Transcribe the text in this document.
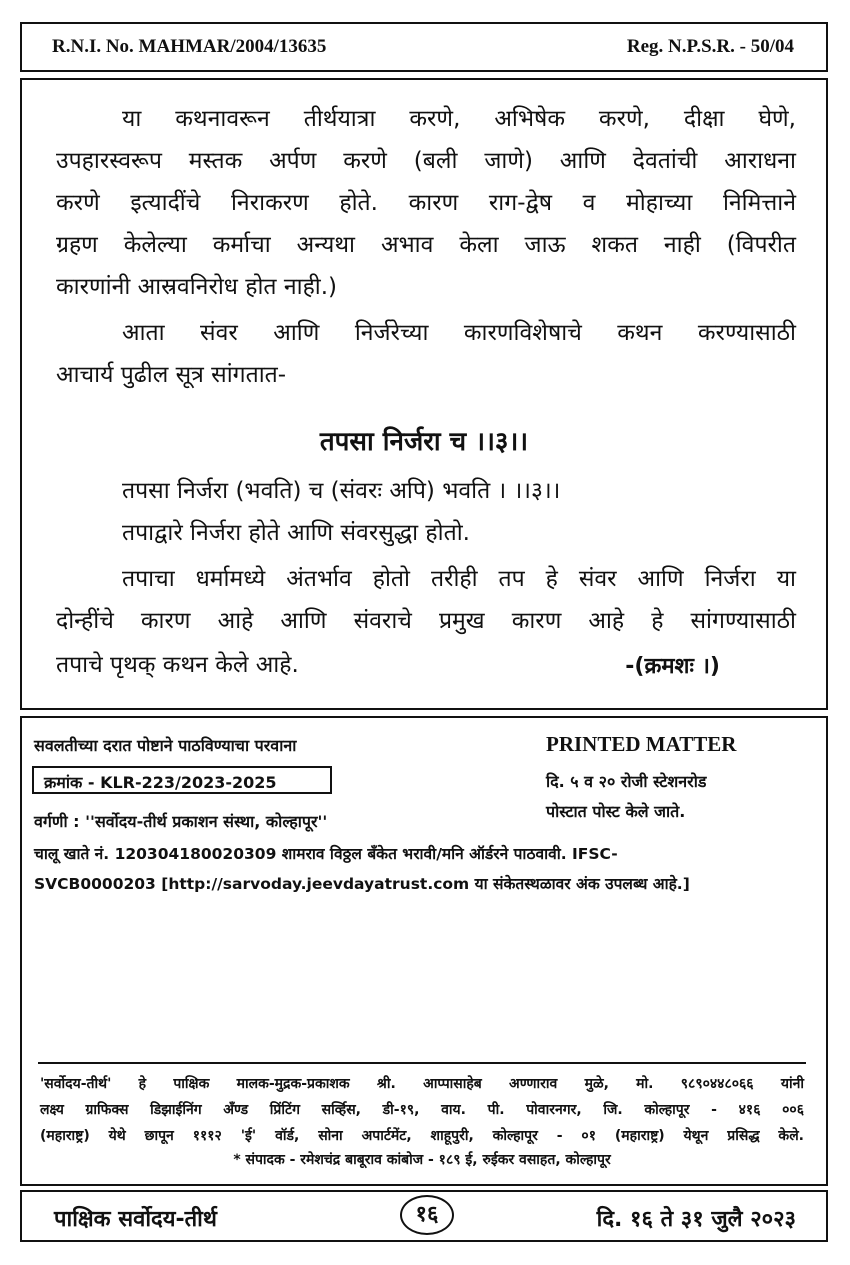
R.N.I. No. MAHMAR/2004/13635	Reg. N.P.S.R. - 50/04
या कथनावरून तीर्थयात्रा करणे, अभिषेक करणे, दीक्षा घेणे,
उपहारस्वरूप मस्तक अर्पण करणे (बली जाणे) आणि देवतांची आराधना
करणे इत्यादींचे निराकरण होते. कारण राग-द्वेष व मोहाच्या निमित्ताने
ग्रहण केलेल्या कर्माचा अन्यथा अभाव केला जाऊ शकत नाही (विपरीत
कारणांनी आस्रवनिरोध होत नाही.)
आता संवर आणि निर्जरेच्या कारणविशेषाचे कथन करण्यासाठी
आचार्य पुढील सूत्र सांगतात-
तपसा निर्जरा च ।।३।।
तपसा निर्जरा (भवति) च (संवरः अपि) भवति । ।।३।।
तपाद्वारे निर्जरा होते आणि संवरसुद्धा होतो.
तपाचा धर्मामध्ये अंतर्भाव होतो तरीही तप हे संवर आणि निर्जरा या
दोन्हींचे कारण आहे आणि संवराचे प्रमुख कारण आहे हे सांगण्यासाठी
तपाचे पृथक् कथन केले आहे.	-(क्रमशः ।)
सवलतीच्या दरात पोष्टाने पाठविण्याचा परवाना	PRINTED MATTER
क्रमांक - KLR-223/2023-2025	दि. ५ व २० रोजी स्टेशनरोड
पोस्टात पोस्ट केले जाते.
वर्गणी : ''सर्वोदय-तीर्थ प्रकाशन संस्था, कोल्हापूर''
चालू खाते नं. 120304180020309 शामराव विठ्ठल बँकेत भरावी/मनि ऑर्डरने पाठवावी. IFSC-
SVCB0000203 [http://sarvoday.jeevdayatrust.com या संकेतस्थळावर अंक उपलब्ध आहे.]
'सर्वोदय-तीर्थ' हे पाक्षिक मालक-मुद्रक-प्रकाशक श्री. आप्पासाहेब अण्णाराव मुळे, मो. ९८९०४४८०६६ यांनी
लक्ष्य ग्राफिक्स डिझाईनिंग अँण्ड प्रिंटिंग सर्व्हिस, डी-१९, वाय. पी. पोवारनगर, जि. कोल्हापूर - ४१६ ००६
(महाराष्ट्र) येथे छापून १११२ 'ई' वॉर्ड, सोना अपार्टमेंट, शाहूपुरी, कोल्हापूर - ०१ (महाराष्ट्र) येथून प्रसिद्ध केले.
* संपादक - रमेशचंद्र बाबूराव कांबोज - १८९ ई, रुईकर वसाहत, कोल्हापूर
पाक्षिक सर्वोदय-तीर्थ	१६	दि. १६ ते ३१ जुलै २०२३
